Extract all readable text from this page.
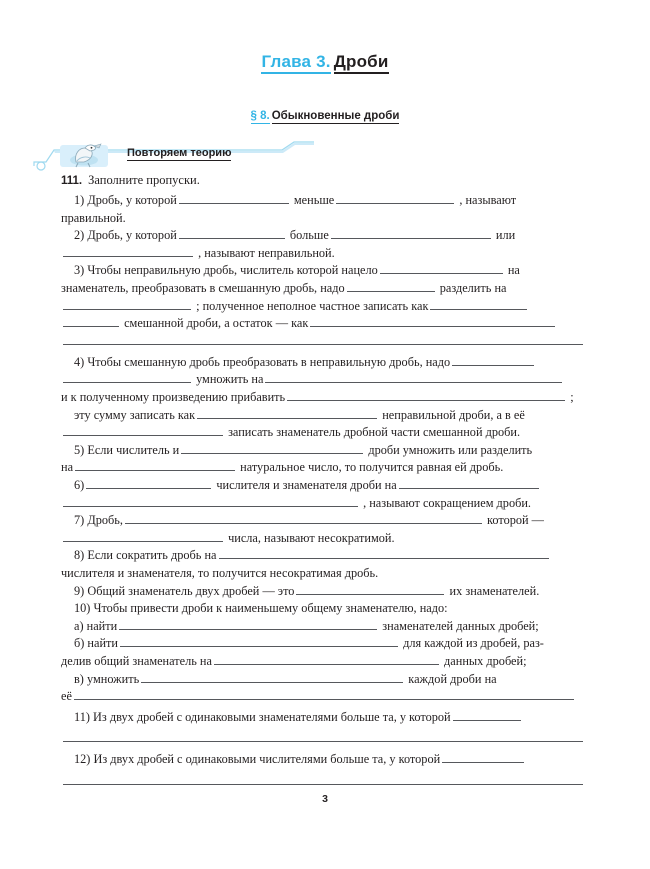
Глава 3. Дроби
§ 8. Обыкновенные дроби
Повторяем теорию
111. Заполните пропуски.
1) Дробь, у которой	меньше	, называют
правильной.
2) Дробь, у которой	больше	или
, называют неправильной.
3) Чтобы неправильную дробь, числитель которой нацело	на
знаменатель, преобразовать в смешанную дробь, надо	разделить на
; полученное неполное частное записать как
смешанной дроби, а остаток — как
4) Чтобы смешанную дробь преобразовать в неправильную дробь, надо
умножить на
и к полученному произведению прибавить	;
эту сумму записать как	неправильной дроби, а в её
записать знаменатель дробной части смешанной дроби.
5) Если числитель и	дроби умножить или разделить
на	натуральное число, то получится равная ей дробь.
6)	числителя и знаменателя дроби на
, называют сокращением дроби.
7) Дробь,	которой —
числа, называют несократимой.
8) Если сократить дробь на
числителя и знаменателя, то получится несократимая дробь.
9) Общий знаменатель двух дробей — это	их знаменателей.
10) Чтобы привести дроби к наименьшему общему знаменателю, надо:
а) найти	знаменателей данных дробей;
б) найти	для каждой из дробей, раз-
делив общий знаменатель на	данных дробей;
в) умножить	каждой дроби на
её
11) Из двух дробей с одинаковыми знаменателями больше та, у которой
12) Из двух дробей с одинаковыми числителями больше та, у которой
3
